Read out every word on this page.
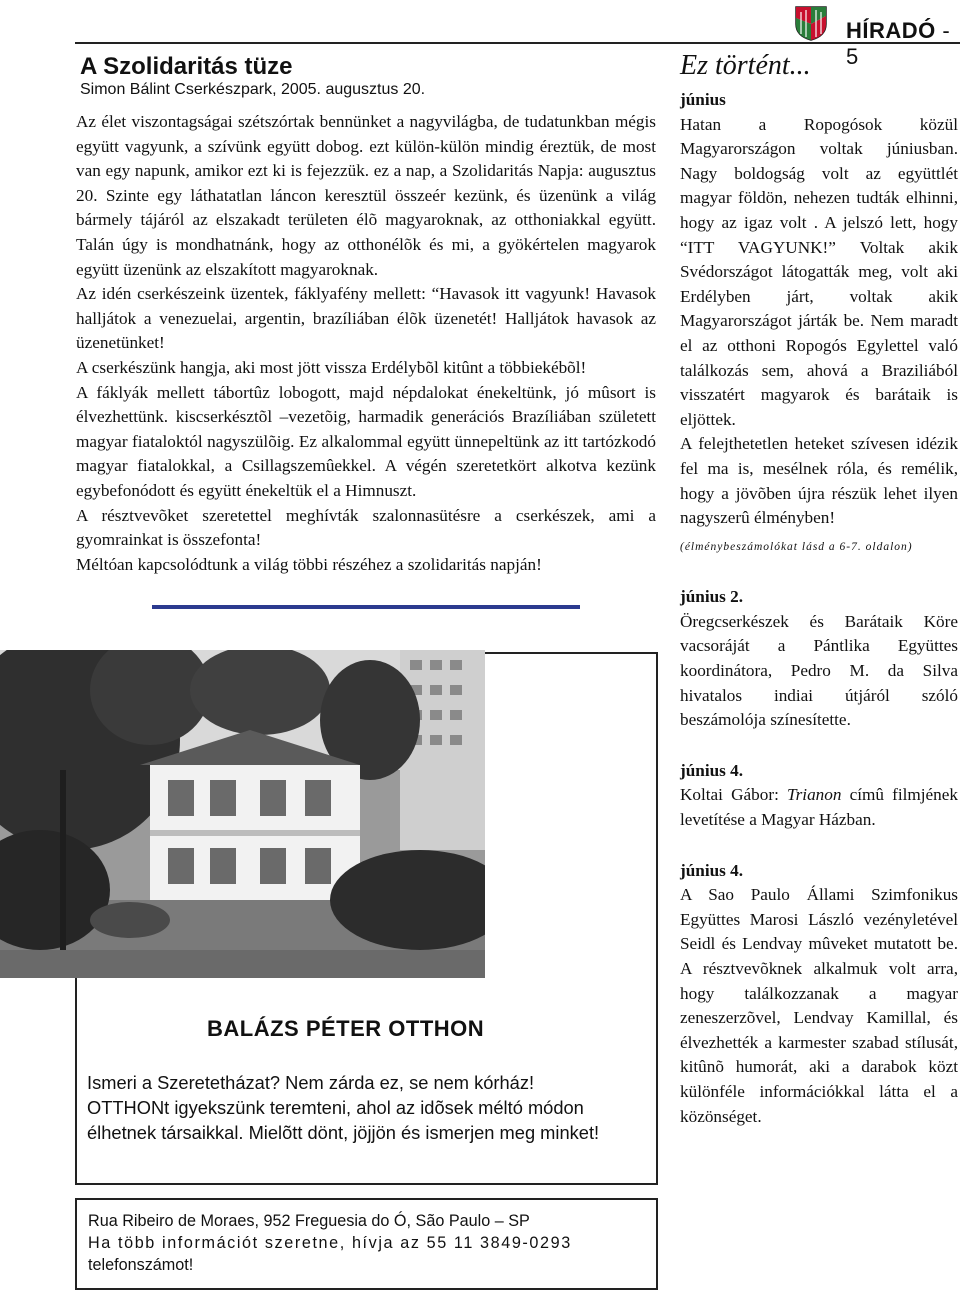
HÍRADÓ - 5
A Szolidaritás tüze
Simon Bálint Cserkészpark, 2005. augusztus 20.

Az élet viszontagságai szétszórtak bennünket a nagyvilágba, de tudatunkban mégis együtt vagyunk, a szívünk együtt dobog. ezt külön-külön mindig éreztük, de most van egy napunk, amikor ezt ki is fejezzük. ez a nap, a Szolidaritás Napja: augusztus 20. Szinte egy láthatatlan láncon keresztül összeér kezünk, és üzenünk a világ bármely tájáról az elszakadt területen élõ magyaroknak, az otthoniakkal együtt. Talán úgy is mondhatnánk, hogy az otthonélõk és mi, a gyökértelen magyarok együtt üzenünk az elszakított magyaroknak.

Az idén cserkészeink üzentek, fáklyafény mellett: “Havasok itt vagyunk! Havasok halljátok a venezuelai, argentin, brazíliában élõk üzenetét! Halljátok havasok az üzenetünket!

A cserkészünk hangja, aki most jött vissza Erdélybõl kitûnt a többiekébõl!

A fáklyák mellett tábortûz lobogott, majd népdalokat énekeltünk, jó mûsort is élvezhettünk. kiscserkésztõl –vezetõig, harmadik generációs Brazíliában született magyar fiataloktól nagyszülõig. Ez alkalommal együtt ünnepeltünk az itt tartózkodó magyar fiatalokkal, a Csillagszemûekkel. A végén szeretetkört alkotva kezünk egybefonódott és együtt énekeltük el a Himnuszt.

A résztvevõket szeretettel meghívták szalonnasütésre a cserkészek, ami a gyomrainkat is összefonta!

Méltóan kapcsolódtunk a világ többi részéhez a szolidaritás napján!

BALÁZS PÉTER OTTHON
Ismeri a Szeretetházat? Nem zárda ez, se nem kórház!
OTTHONt igyekszünk teremteni, ahol az idõsek méltó módon
élhetnek társaikkal. Mielõtt dönt, jöjjön és ismerjen meg minket!
Rua Ribeiro de Moraes, 952 Freguesia do Ó, São Paulo – SP
Ha több információt szeretne, hívja az 55 11 3849-0293
telefonszámot!
Ez történt...
június
Hatan a Ropogósok közül Magyarországon voltak júniusban. Nagy boldogság volt az együttlét magyar földön, nehezen tudták elhinni, hogy az igaz volt . A jelszó lett, hogy “ITT VAGYUNK!” Voltak akik Svédországot látogatták meg, volt aki Erdélyben járt, voltak akik Magyarországot járták be. Nem maradt el az otthoni Ropogós Egylettel való találkozás sem, ahová a Braziliából visszatért magyarok és barátaik is eljöttek.
A felejthetetlen heteket szívesen idézik fel ma is, mesélnek róla, és remélik, hogy a jövõben újra részük lehet ilyen nagyszerû élményben!
(élménybeszámolókat lásd a 6-7. oldalon)
június 2.
Öregcserkészek és Barátaik Köre vacsoráját a Pántlika Együttes koordinátora, Pedro M. da Silva hivatalos indiai útjáról szóló beszámolója színesítette.
június 4.
Koltai Gábor: Trianon címû filmjének levetítése a Magyar Házban.
június 4.
A Sao Paulo Állami Szimfonikus Együttes Marosi László vezényletével Seidl és Lendvay mûveket mutatott be. A résztvevõknek alkalmuk volt arra, hogy találkozzanak a magyar zeneszerzõvel, Lendvay Kamillal, és élvezhették a karmester szabad stílusát, kitûnõ humorát, aki a darabok közt különféle információkkal látta el a közönséget.
